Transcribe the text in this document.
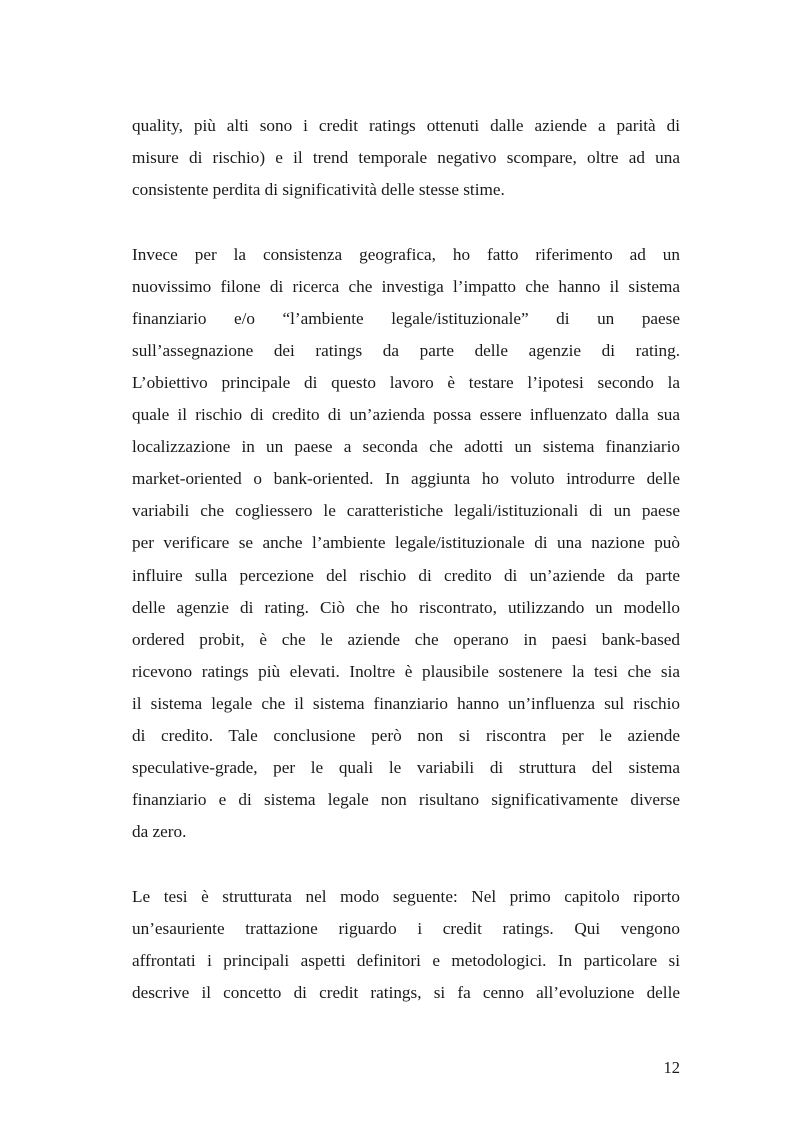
quality, più alti sono i credit ratings ottenuti dalle aziende a parità di
misure di rischio) e il trend temporale negativo scompare, oltre ad una
consistente perdita di significatività delle stesse stime.

Invece per la consistenza geografica, ho fatto riferimento ad un
nuovissimo filone di ricerca che investiga l’impatto che hanno il sistema
finanziario e/o “l’ambiente legale/istituzionale” di un paese
sull’assegnazione dei ratings da parte delle agenzie di rating.
L’obiettivo principale di questo lavoro è testare l’ipotesi secondo la
quale il rischio di credito di un’azienda possa essere influenzato dalla sua
localizzazione in un paese a seconda che adotti un sistema finanziario
market-oriented o bank-oriented. In aggiunta ho voluto introdurre delle
variabili che cogliessero le caratteristiche legali/istituzionali di un paese
per verificare se anche l’ambiente legale/istituzionale di una nazione può
influire sulla percezione del rischio di credito di un’aziende da parte
delle agenzie di rating. Ciò che ho riscontrato, utilizzando un modello
ordered probit, è che le aziende che operano in paesi bank-based
ricevono ratings più elevati. Inoltre è plausibile sostenere la tesi che sia
il sistema legale che il sistema finanziario hanno un’influenza sul rischio
di credito. Tale conclusione però non si riscontra per le aziende
speculative-grade, per le quali le variabili di struttura del sistema
finanziario e di sistema legale non risultano significativamente diverse
da zero.

Le tesi è strutturata nel modo seguente: Nel primo capitolo riporto
un’esauriente trattazione riguardo i credit ratings. Qui vengono
affrontati i principali aspetti definitori e metodologici. In particolare si
descrive il concetto di credit ratings, si fa cenno all’evoluzione delle

12
